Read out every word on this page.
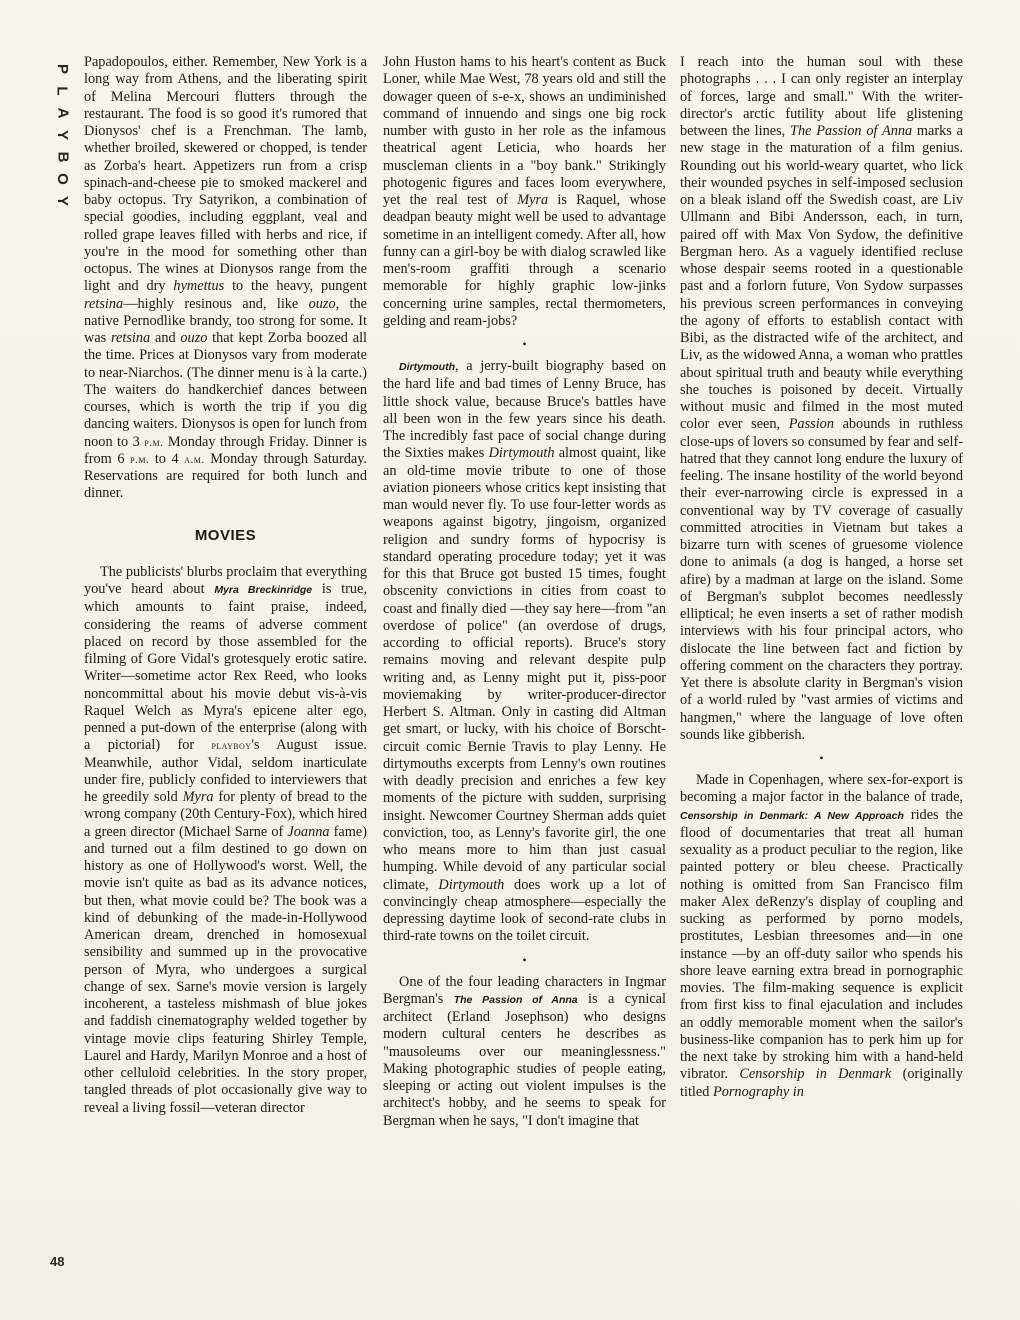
P
L
A
Y
B
O
Y

Papadopoulos, either. Remember, New York is a long way from Athens, and the liberating spirit of Melina Mercouri flutters through the restaurant. The food is so good it's rumored that Dionysos' chef is a Frenchman. The lamb, whether broiled, skewered or chopped, is tender as Zorba's heart. Appetizers run from a crisp spinach-and-cheese pie to smoked mackerel and baby octopus. Try Satyrikon, a combination of special goodies, including eggplant, veal and rolled grape leaves filled with herbs and rice, if you're in the mood for something other than octopus. The wines at Dionysos range from the light and dry hymettus to the heavy, pungent retsina—highly resinous and, like ouzo, the native Pernodlike brandy, too strong for some. It was retsina and ouzo that kept Zorba boozed all the time. Prices at Dionysos vary from moderate to near-Niarchos. (The dinner menu is à la carte.) The waiters do handkerchief dances between courses, which is worth the trip if you dig dancing waiters. Dionysos is open for lunch from noon to 3 p.m. Monday through Friday. Dinner is from 6 p.m. to 4 a.m. Monday through Saturday. Reservations are required for both lunch and dinner.

MOVIES

The publicists' blurbs proclaim that everything you've heard about Myra Breckinridge is true, which amounts to faint praise, indeed, considering the reams of adverse comment placed on record by those assembled for the filming of Gore Vidal's grotesquely erotic satire. Writer—sometime actor Rex Reed, who looks noncommittal about his movie debut vis-à-vis Raquel Welch as Myra's epicene alter ego, penned a put-down of the enterprise (along with a pictorial) for playboy's August issue. Meanwhile, author Vidal, seldom inarticulate under fire, publicly confided to interviewers that he greedily sold Myra for plenty of bread to the wrong company (20th Century-Fox), which hired a green director (Michael Sarne of Joanna fame) and turned out a film destined to go down on history as one of Hollywood's worst. Well, the movie isn't quite as bad as its advance notices, but then, what movie could be? The book was a kind of debunking of the made-in-Hollywood American dream, drenched in homosexual sensibility and summed up in the provocative person of Myra, who undergoes a surgical change of sex. Sarne's movie version is largely incoherent, a tasteless mishmash of blue jokes and faddish cinematography welded together by vintage movie clips featuring Shirley Temple, Laurel and Hardy, Marilyn Monroe and a host of other celluloid celebrities. In the story proper, tangled threads of plot occasionally give way to reveal a living fossil—veteran director

John Huston hams to his heart's content as Buck Loner, while Mae West, 78 years old and still the dowager queen of s-e-x, shows an undiminished command of innuendo and sings one big rock number with gusto in her role as the infamous theatrical agent Leticia, who hoards her muscleman clients in a "boy bank." Strikingly photogenic figures and faces loom everywhere, yet the real test of Myra is Raquel, whose deadpan beauty might well be used to advantage sometime in an intelligent comedy. After all, how funny can a girl-boy be with dialog scrawled like men's-room graffiti through a scenario memorable for highly graphic low-jinks concerning urine samples, rectal thermometers, gelding and ream-jobs?

•

Dirtymouth, a jerry-built biography based on the hard life and bad times of Lenny Bruce, has little shock value, because Bruce's battles have all been won in the few years since his death. The incredibly fast pace of social change during the Sixties makes Dirtymouth almost quaint, like an old-time movie tribute to one of those aviation pioneers whose critics kept insisting that man would never fly. To use four-letter words as weapons against bigotry, jingoism, organized religion and sundry forms of hypocrisy is standard operating procedure today; yet it was for this that Bruce got busted 15 times, fought obscenity convictions in cities from coast to coast and finally died —they say here—from "an overdose of police" (an overdose of drugs, according to official reports). Bruce's story remains moving and relevant despite pulp writing and, as Lenny might put it, piss-poor moviemaking by writer-producer-director Herbert S. Altman. Only in casting did Altman get smart, or lucky, with his choice of Borscht-circuit comic Bernie Travis to play Lenny. He dirtymouths excerpts from Lenny's own routines with deadly precision and enriches a few key moments of the picture with sudden, surprising insight. Newcomer Courtney Sherman adds quiet conviction, too, as Lenny's favorite girl, the one who means more to him than just casual humping. While devoid of any particular social climate, Dirtymouth does work up a lot of convincingly cheap atmosphere—especially the depressing daytime look of second-rate clubs in third-rate towns on the toilet circuit.

•

One of the four leading characters in Ingmar Bergman's The Passion of Anna is a cynical architect (Erland Josephson) who designs modern cultural centers he describes as "mausoleums over our meaninglessness." Making photographic studies of people eating, sleeping or acting out violent impulses is the architect's hobby, and he seems to speak for Bergman when he says, "I don't imagine that

I reach into the human soul with these photographs . . . I can only register an interplay of forces, large and small." With the writer-director's arctic futility about life glistening between the lines, The Passion of Anna marks a new stage in the maturation of a film genius. Rounding out his world-weary quartet, who lick their wounded psyches in self-imposed seclusion on a bleak island off the Swedish coast, are Liv Ullmann and Bibi Andersson, each, in turn, paired off with Max Von Sydow, the definitive Bergman hero. As a vaguely identified recluse whose despair seems rooted in a questionable past and a forlorn future, Von Sydow surpasses his previous screen performances in conveying the agony of efforts to establish contact with Bibi, as the distracted wife of the architect, and Liv, as the widowed Anna, a woman who prattles about spiritual truth and beauty while everything she touches is poisoned by deceit. Virtually without music and filmed in the most muted color ever seen, Passion abounds in ruthless close-ups of lovers so consumed by fear and self-hatred that they cannot long endure the luxury of feeling. The insane hostility of the world beyond their ever-narrowing circle is expressed in a conventional way by TV coverage of casually committed atrocities in Vietnam but takes a bizarre turn with scenes of gruesome violence done to animals (a dog is hanged, a horse set afire) by a madman at large on the island. Some of Bergman's subplot becomes needlessly elliptical; he even inserts a set of rather modish interviews with his four principal actors, who dislocate the line between fact and fiction by offering comment on the characters they portray. Yet there is absolute clarity in Bergman's vision of a world ruled by "vast armies of victims and hangmen," where the language of love often sounds like gibberish.

•

Made in Copenhagen, where sex-for-export is becoming a major factor in the balance of trade, Censorship in Denmark: A New Approach rides the flood of documentaries that treat all human sexuality as a product peculiar to the region, like painted pottery or bleu cheese. Practically nothing is omitted from San Francisco film maker Alex deRenzy's display of coupling and sucking as performed by porno models, prostitutes, Lesbian threesomes and—in one instance —by an off-duty sailor who spends his shore leave earning extra bread in pornographic movies. The film-making sequence is explicit from first kiss to final ejaculation and includes an oddly memorable moment when the sailor's business-like companion has to perk him up for the next take by stroking him with a hand-held vibrator. Censorship in Denmark (originally titled Pornography in

48
